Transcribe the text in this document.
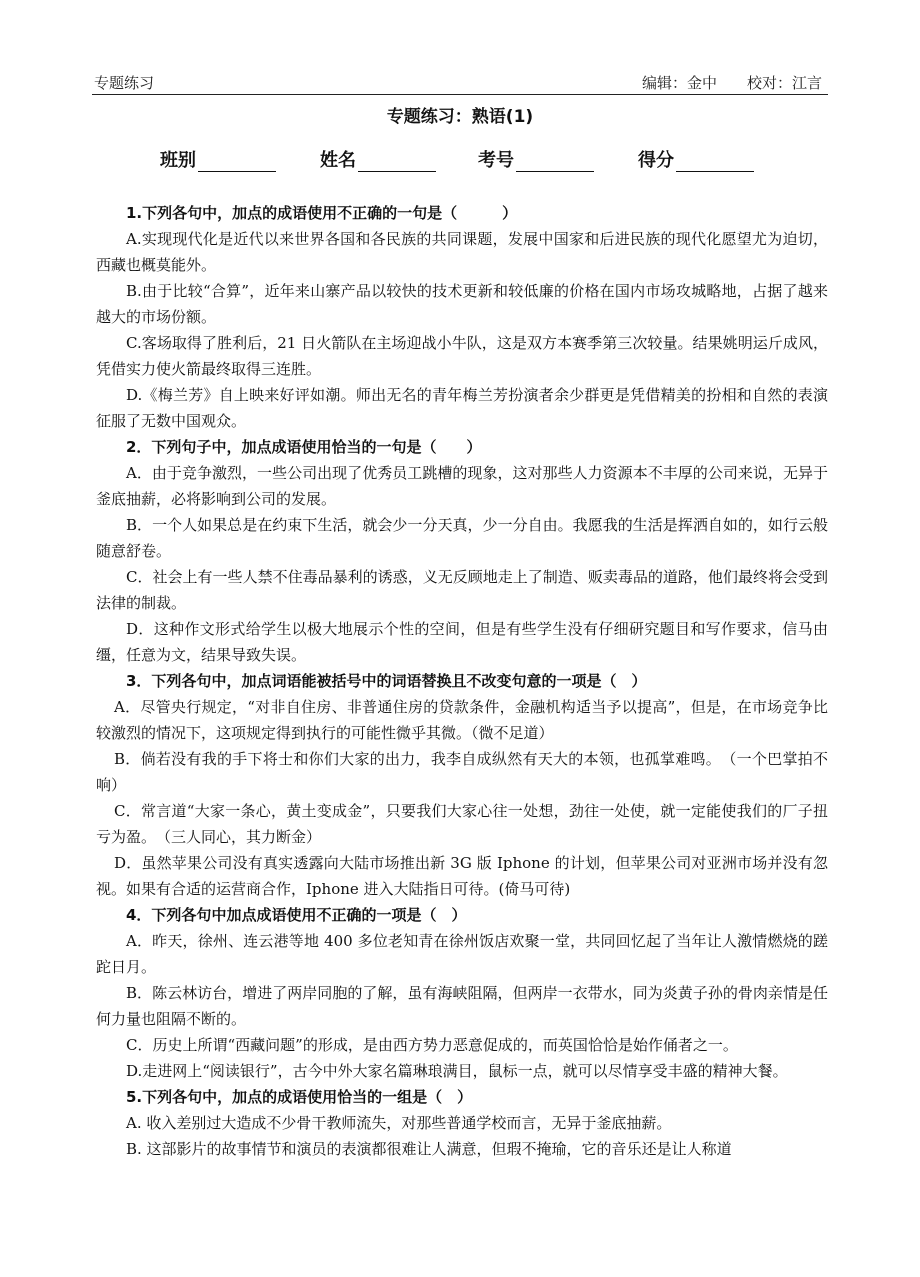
专题练习	编辑：金中　　校对：江言
专题练习：熟语(1)
班别	姓名	考号	得分

1.下列各句中，加点的成语使用不正确的一句是（　　　）

A.实现现代化是近代以来世界各国和各民族的共同课题，发展中国家和后进民族的现代化愿望尤为迫切，西藏也概莫能外。

B.由于比较“合算”，近年来山寨产品以较快的技术更新和较低廉的价格在国内市场攻城略地，占据了越来越大的市场份额。

C.客场取得了胜利后，21 日火箭队在主场迎战小牛队，这是双方本赛季第三次较量。结果姚明运斤成风，凭借实力使火箭最终取得三连胜。

D.《梅兰芳》自上映来好评如潮。师出无名的青年梅兰芳扮演者余少群更是凭借精美的扮相和自然的表演征服了无数中国观众。

2．下列句子中，加点成语使用恰当的一句是（　　）

A．由于竞争激烈，一些公司出现了优秀员工跳槽的现象，这对那些人力资源本不丰厚的公司来说，无异于釜底抽薪，必将影响到公司的发展。

B．一个人如果总是在约束下生活，就会少一分天真，少一分自由。我愿我的生活是挥洒自如的，如行云般随意舒卷。

C．社会上有一些人禁不住毒品暴利的诱惑，义无反顾地走上了制造、贩卖毒品的道路，他们最终将会受到法律的制裁。

D．这种作文形式给学生以极大地展示个性的空间，但是有些学生没有仔细研究题目和写作要求，信马由缰，任意为文，结果导致失误。

3．下列各句中，加点词语能被括号中的词语替换且不改变句意的一项是（　）

A．尽管央行规定，“对非自住房、非普通住房的贷款条件，金融机构适当予以提高”，但是，在市场竞争比较激烈的情况下，这项规定得到执行的可能性微乎其微。（微不足道）

B．倘若没有我的手下将士和你们大家的出力，我李自成纵然有天大的本领，也孤掌难鸣。　（一个巴掌拍不响）

C．常言道“大家一条心，黄土变成金”，只要我们大家心往一处想，劲往一处使，就一定能使我们的厂子扭亏为盈。　（三人同心，其力断金）

D．虽然苹果公司没有真实透露向大陆市场推出新 3G 版 Iphone 的计划，但苹果公司对亚洲市场并没有忽视。如果有合适的运营商合作，Iphone 进入大陆指日可待。(倚马可待)

4．下列各句中加点成语使用不正确的一项是（　）

A．昨天，徐州、连云港等地 400 多位老知青在徐州饭店欢聚一堂，共同回忆起了当年让人激情燃烧的蹉跎日月。

B．陈云林访台，增进了两岸同胞的了解，虽有海峡阻隔，但两岸一衣带水，同为炎黄子孙的骨肉亲情是任何力量也阻隔不断的。

C．历史上所谓“西藏问题”的形成，是由西方势力恶意促成的，而英国恰恰是始作俑者之一。

D.走进网上“阅读银行”，古今中外大家名篇琳琅满目，鼠标一点，就可以尽情享受丰盛的精神大餐。

5.下列各句中，加点的成语使用恰当的一组是（　）

A. 收入差别过大造成不少骨干教师流失，对那些普通学校而言，无异于釜底抽薪。

B. 这部影片的故事情节和演员的表演都很难让人满意，但瑕不掩瑜，它的音乐还是让人称道
